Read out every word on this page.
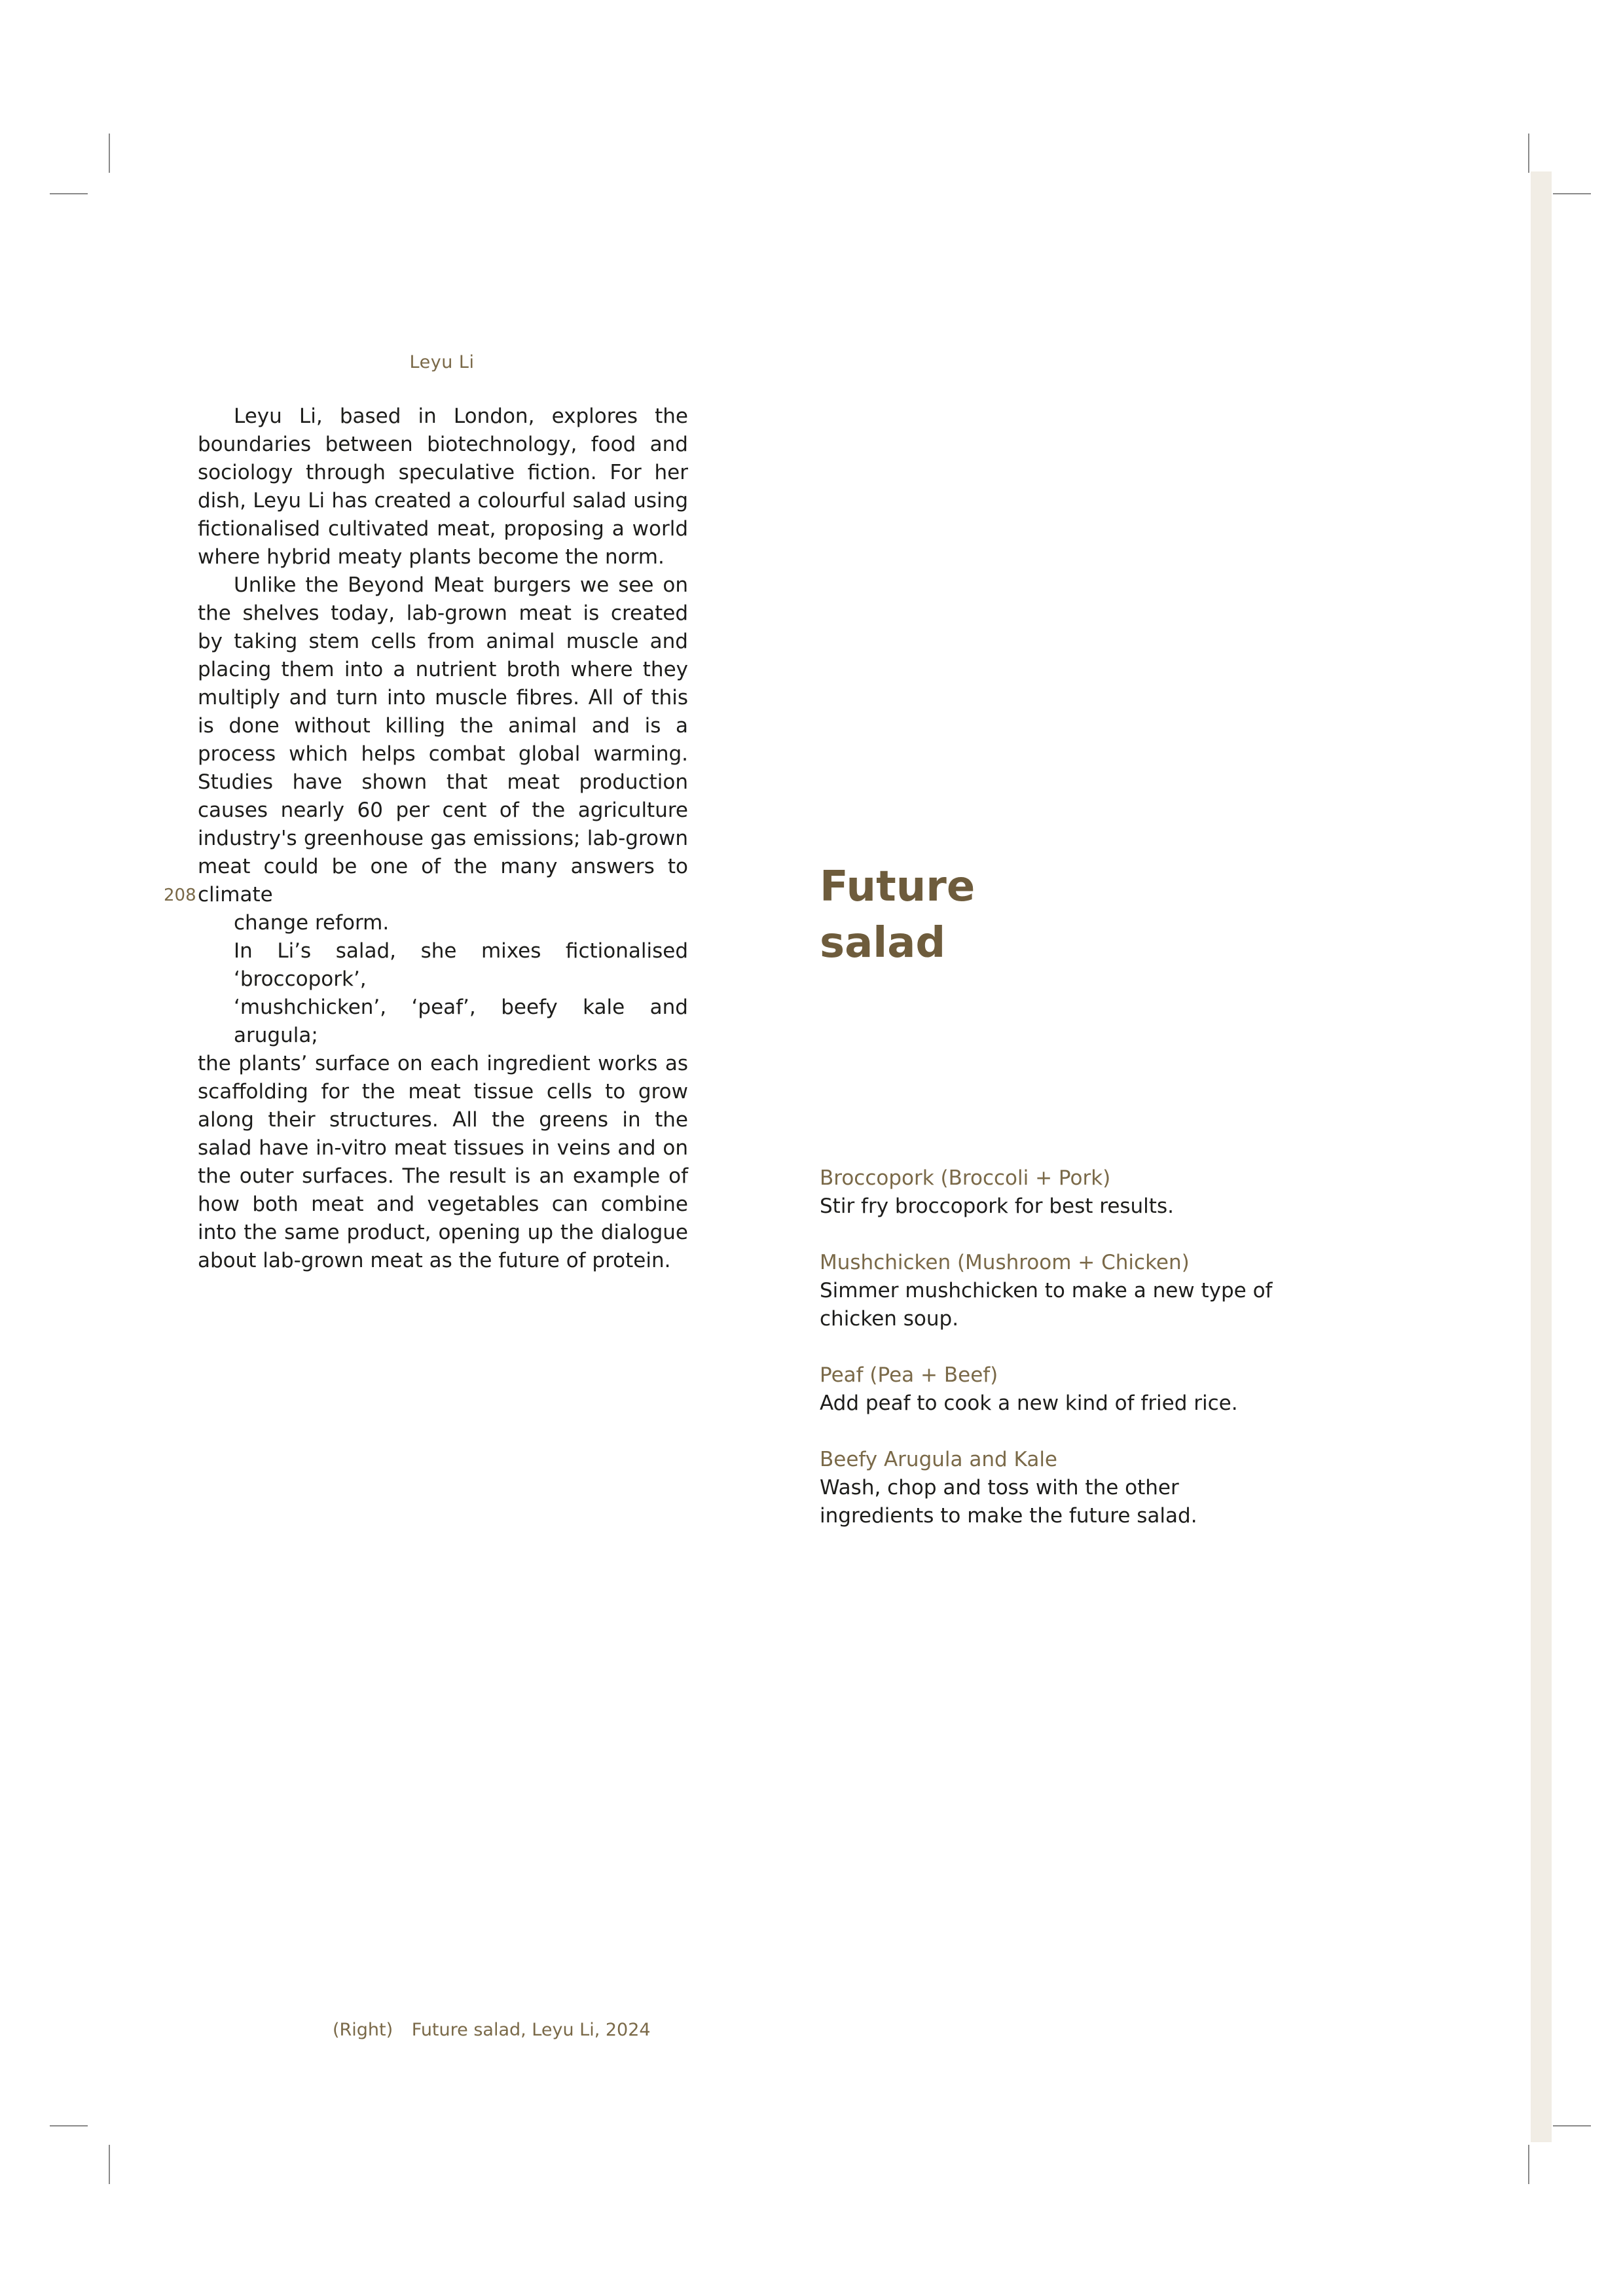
Leyu Li
208

Leyu Li, based in London, explores the boundaries between biotechnology, food and sociology through speculative fiction. For her dish, Leyu Li has created a colourful salad using fictionalised cultivated meat, proposing a world where hybrid meaty plants become the norm.

Unlike the Beyond Meat burgers we see on the shelves today, lab-grown meat is created by taking stem cells from animal muscle and placing them into a nutrient broth where they multiply and turn into muscle fibres. All of this is done without killing the animal and is a process which helps combat global warming. Studies have shown that meat production causes nearly 60 per cent of the agriculture industry's greenhouse gas emissions; lab-grown meat could be one of the many answers to climate

change reform.

In Li’s salad, she mixes fictionalised ‘broccopork’,

‘mushchicken’, ‘peaf’, beefy kale and arugula;

the plants’ surface on each ingredient works as scaffolding for the meat tissue cells to grow along their structures. All the greens in the salad have in-vitro meat tissues in veins and on the outer surfaces. The result is an example of how both meat and vegetables can combine into the same product, opening up the dialogue about lab-grown meat as the future of protein.

Future
salad
Broccopork (Broccoli + Pork)
Stir fry broccopork for best results.
Mushchicken (Mushroom + Chicken)
Simmer mushchicken to make a new type of chicken soup.
Peaf (Pea + Beef)
Add peaf to cook a new kind of fried rice.
Beefy Arugula and Kale
Wash, chop and toss with the other ingredients to make the future salad.
(Right) Future salad, Leyu Li, 2024
